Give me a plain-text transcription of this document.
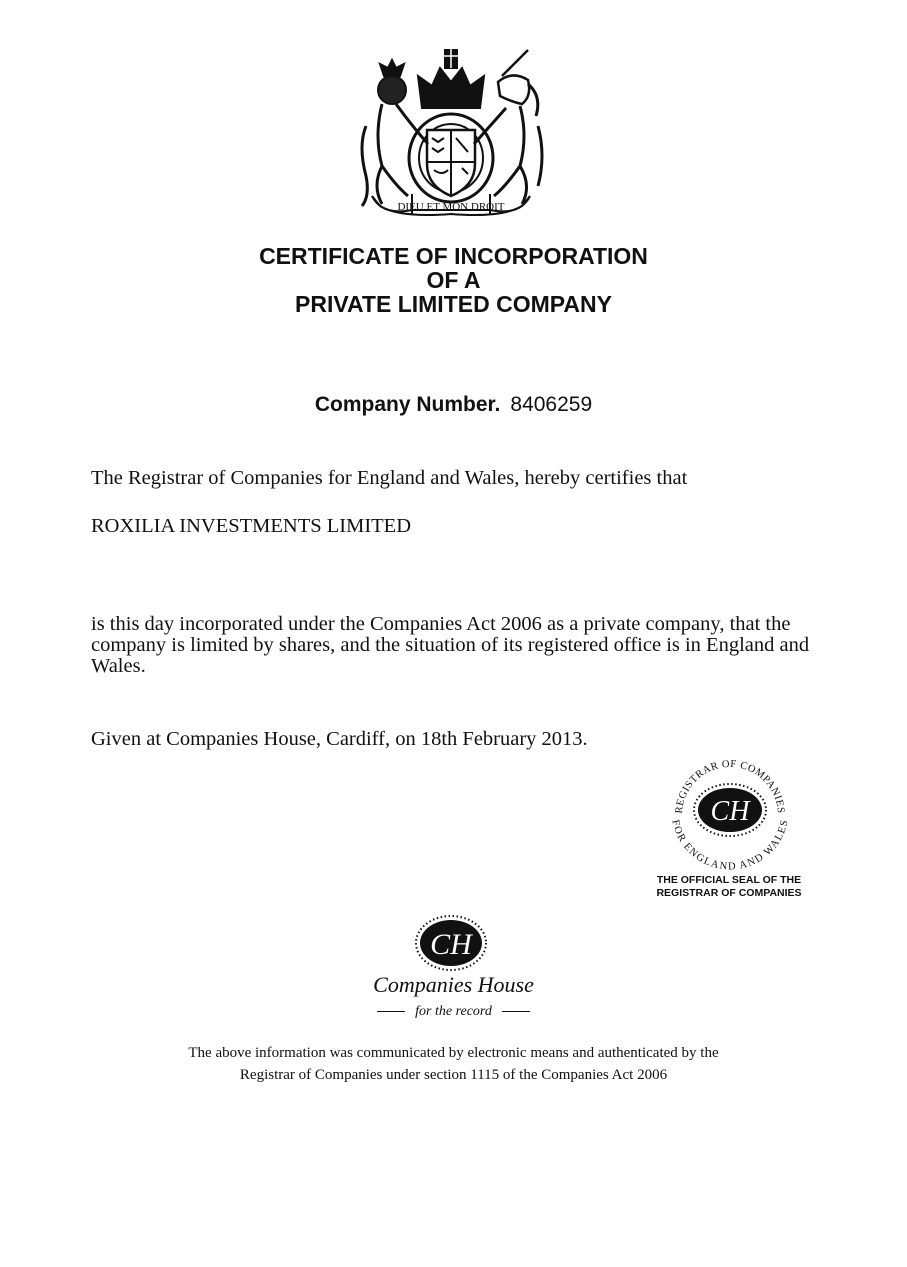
DIEU ET MON DROIT
CERTIFICATE OF INCORPORATION
OF A
PRIVATE LIMITED COMPANY
Company Number. 8406259
The Registrar of Companies for England and Wales, hereby certifies that
ROXILIA INVESTMENTS LIMITED
is this day incorporated under the Companies Act 2006 as a private company, that the company is limited by shares, and the situation of its registered office is in England and Wales.
Given at Companies House, Cardiff, on 18th February 2013.
REGISTRAR OF COMPANIES
FOR ENGLAND AND WALES
CH
THE OFFICIAL SEAL OF THE
REGISTRAR OF COMPANIES
CH
Companies House
for the record
The above information was communicated by electronic means and authenticated by the
Registrar of Companies under section 1115 of the Companies Act 2006
